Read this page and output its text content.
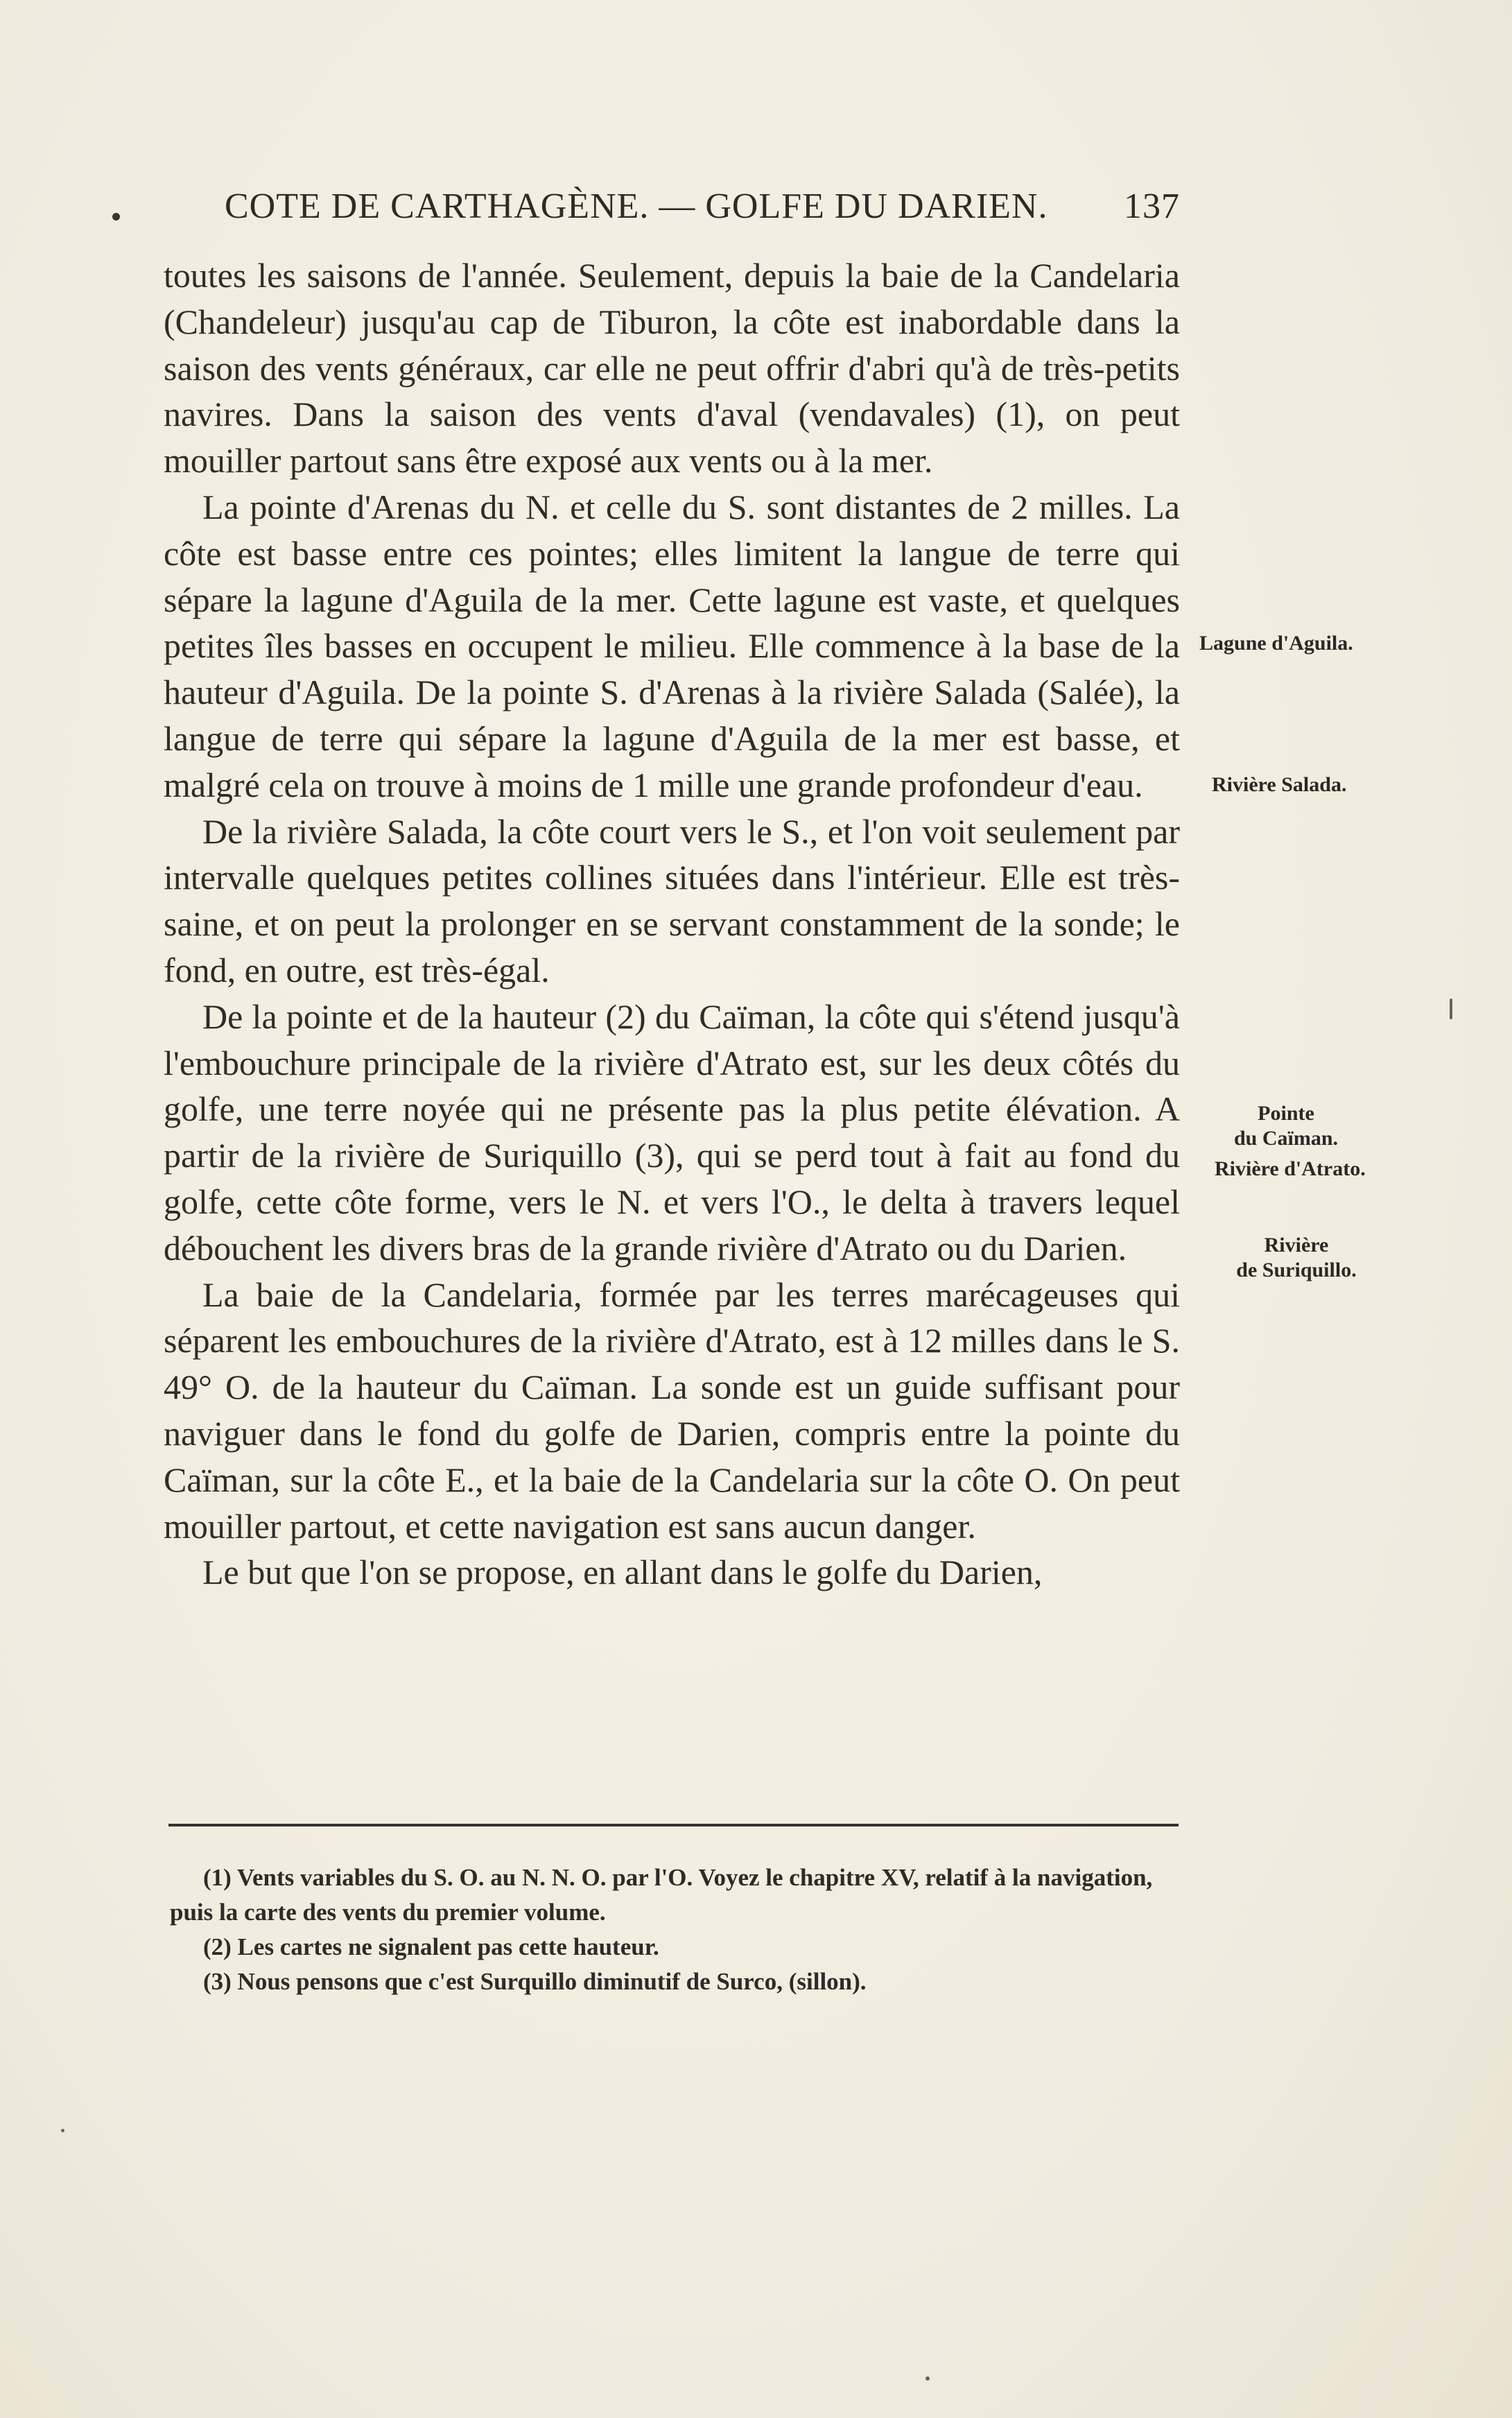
COTE DE CARTHAGÈNE. — GOLFE DU DARIEN. 137

toutes les saisons de l'année. Seulement, depuis la baie de la Candelaria (Chandeleur) jusqu'au cap de Tiburon, la côte est inabordable dans la saison des vents généraux, car elle ne peut offrir d'abri qu'à de très-petits navires. Dans la saison des vents d'aval (vendavales) (1), on peut mouiller partout sans être exposé aux vents ou à la mer.

La pointe d'Arenas du N. et celle du S. sont distantes de 2 milles. La côte est basse entre ces pointes; elles limitent la langue de terre qui sépare la lagune d'Aguila de la mer. Cette lagune est vaste, et quelques petites îles basses en occupent le milieu. Elle commence à la base de la hauteur d'Aguila. De la pointe S. d'Arenas à la rivière Salada (Salée), la langue de terre qui sépare la lagune d'Aguila de la mer est basse, et malgré cela on trouve à moins de 1 mille une grande profondeur d'eau.

De la rivière Salada, la côte court vers le S., et l'on voit seulement par intervalle quelques petites collines situées dans l'intérieur. Elle est très-saine, et on peut la prolonger en se servant constamment de la sonde; le fond, en outre, est très-égal.

De la pointe et de la hauteur (2) du Caïman, la côte qui s'étend jusqu'à l'embouchure principale de la rivière d'Atrato est, sur les deux côtés du golfe, une terre noyée qui ne présente pas la plus petite élévation. A partir de la rivière de Suriquillo (3), qui se perd tout à fait au fond du golfe, cette côte forme, vers le N. et vers l'O., le delta à travers lequel débouchent les divers bras de la grande rivière d'Atrato ou du Darien.

La baie de la Candelaria, formée par les terres marécageuses qui séparent les embouchures de la rivière d'Atrato, est à 12 milles dans le S. 49° O. de la hauteur du Caïman. La sonde est un guide suffisant pour naviguer dans le fond du golfe de Darien, compris entre la pointe du Caïman, sur la côte E., et la baie de la Candelaria sur la côte O. On peut mouiller partout, et cette navigation est sans aucun danger.

Le but que l'on se propose, en allant dans le golfe du Darien,

Lagune d'Aguila.
Rivière Salada.
Pointe
du Caïman.
Rivière d'Atrato.
Rivière
de Suriquillo.

(1) Vents variables du S. O. au N. N. O. par l'O. Voyez le chapitre XV, relatif à la navigation, puis la carte des vents du premier volume.

(2) Les cartes ne signalent pas cette hauteur.

(3) Nous pensons que c'est Surquillo diminutif de Surco, (sillon).
